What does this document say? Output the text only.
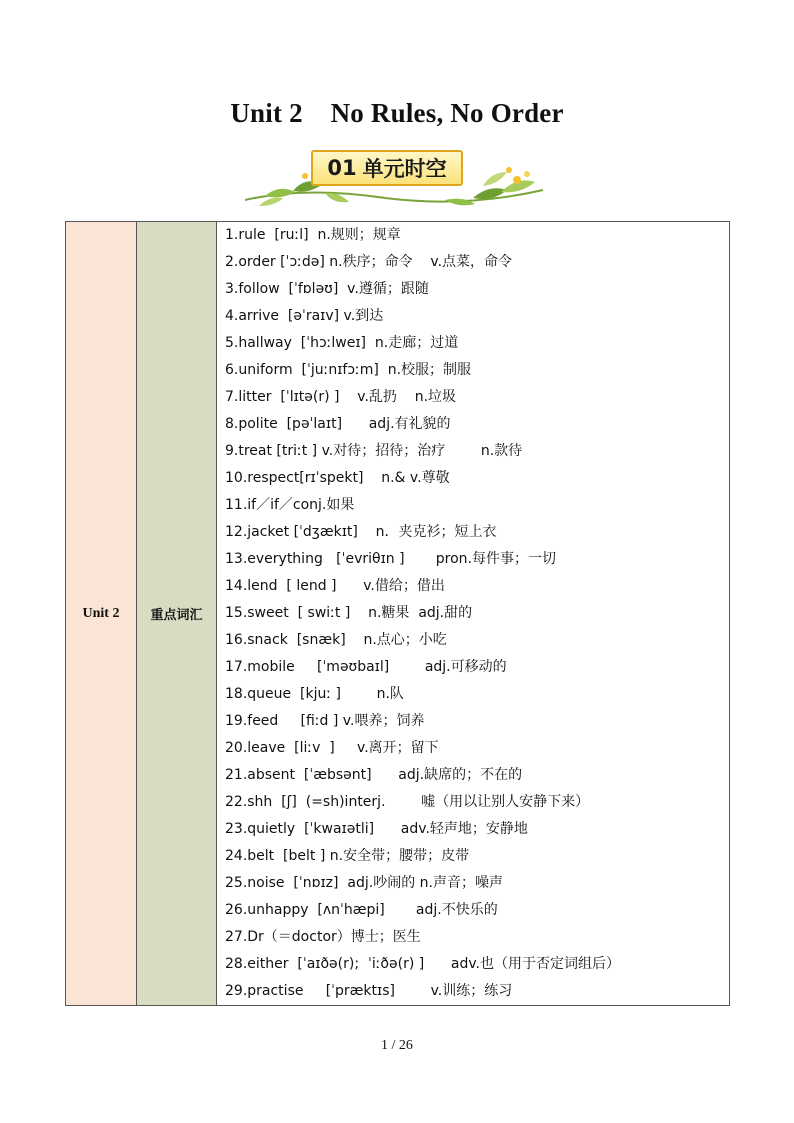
Unit 2    No Rules, No Order
01 单元时空
Unit 2	重点词汇	
1.rule  [ruːl]  n.规则；规章
2.order [ˈɔːdə] n.秩序；命令    v.点菜，命令
3.follow  [ˈfɒləʊ]  v.遵循；跟随
4.arrive  [əˈraɪv] v.到达
5.hallway  [ˈhɔːlweɪ]  n.走廊；过道
6.uniform  [ˈjuːnɪfɔːm]  n.校服；制服
7.litter  [ˈlɪtə(r) ]    v.乱扔    n.垃圾
8.polite  [pəˈlaɪt]      adj.有礼貌的
9.treat [triːt ] v.对待；招待；治疗        n.款待
10.respect[rɪˈspekt]    n.& v.尊敬
11.if／if／conj.如果
12.jacket [ˈdʒækɪt]    n．夹克衫；短上衣
13.everything   [ˈevriθɪn ]       pron.每件事；一切
14.lend  [ lend ]      v.借给；借出
15.sweet  [ swiːt ]    n.糖果  adj.甜的
16.snack  [snæk]    n.点心；小吃
17.mobile     [ˈməʊbaɪl]        adj.可移动的
18.queue  [kjuː ]        n.队
19.feed     [fiːd ] v.喂养；饲养
20.leave  [liːv  ]     v.离开；留下
21.absent  [ˈæbsənt]      adj.缺席的；不在的
22.shh  [ʃ]  (=sh)interj.        嘘（用以让别人安静下来）
23.quietly  [ˈkwaɪətli]      adv.轻声地；安静地
24.belt  [belt ] n.安全带；腰带；皮带
25.noise  [ˈnɒɪz]  adj.吵闹的 n.声音；噪声
26.unhappy  [ʌnˈhæpi]       adj.不快乐的
27.Dr（＝doctor）博士；医生
28.either  [ˈaɪðə(r);  ˈiːðə(r) ]      adv.也（用于否定词组后）
29.practise     [ˈpræktɪs]        v.训练；练习
1 / 26
